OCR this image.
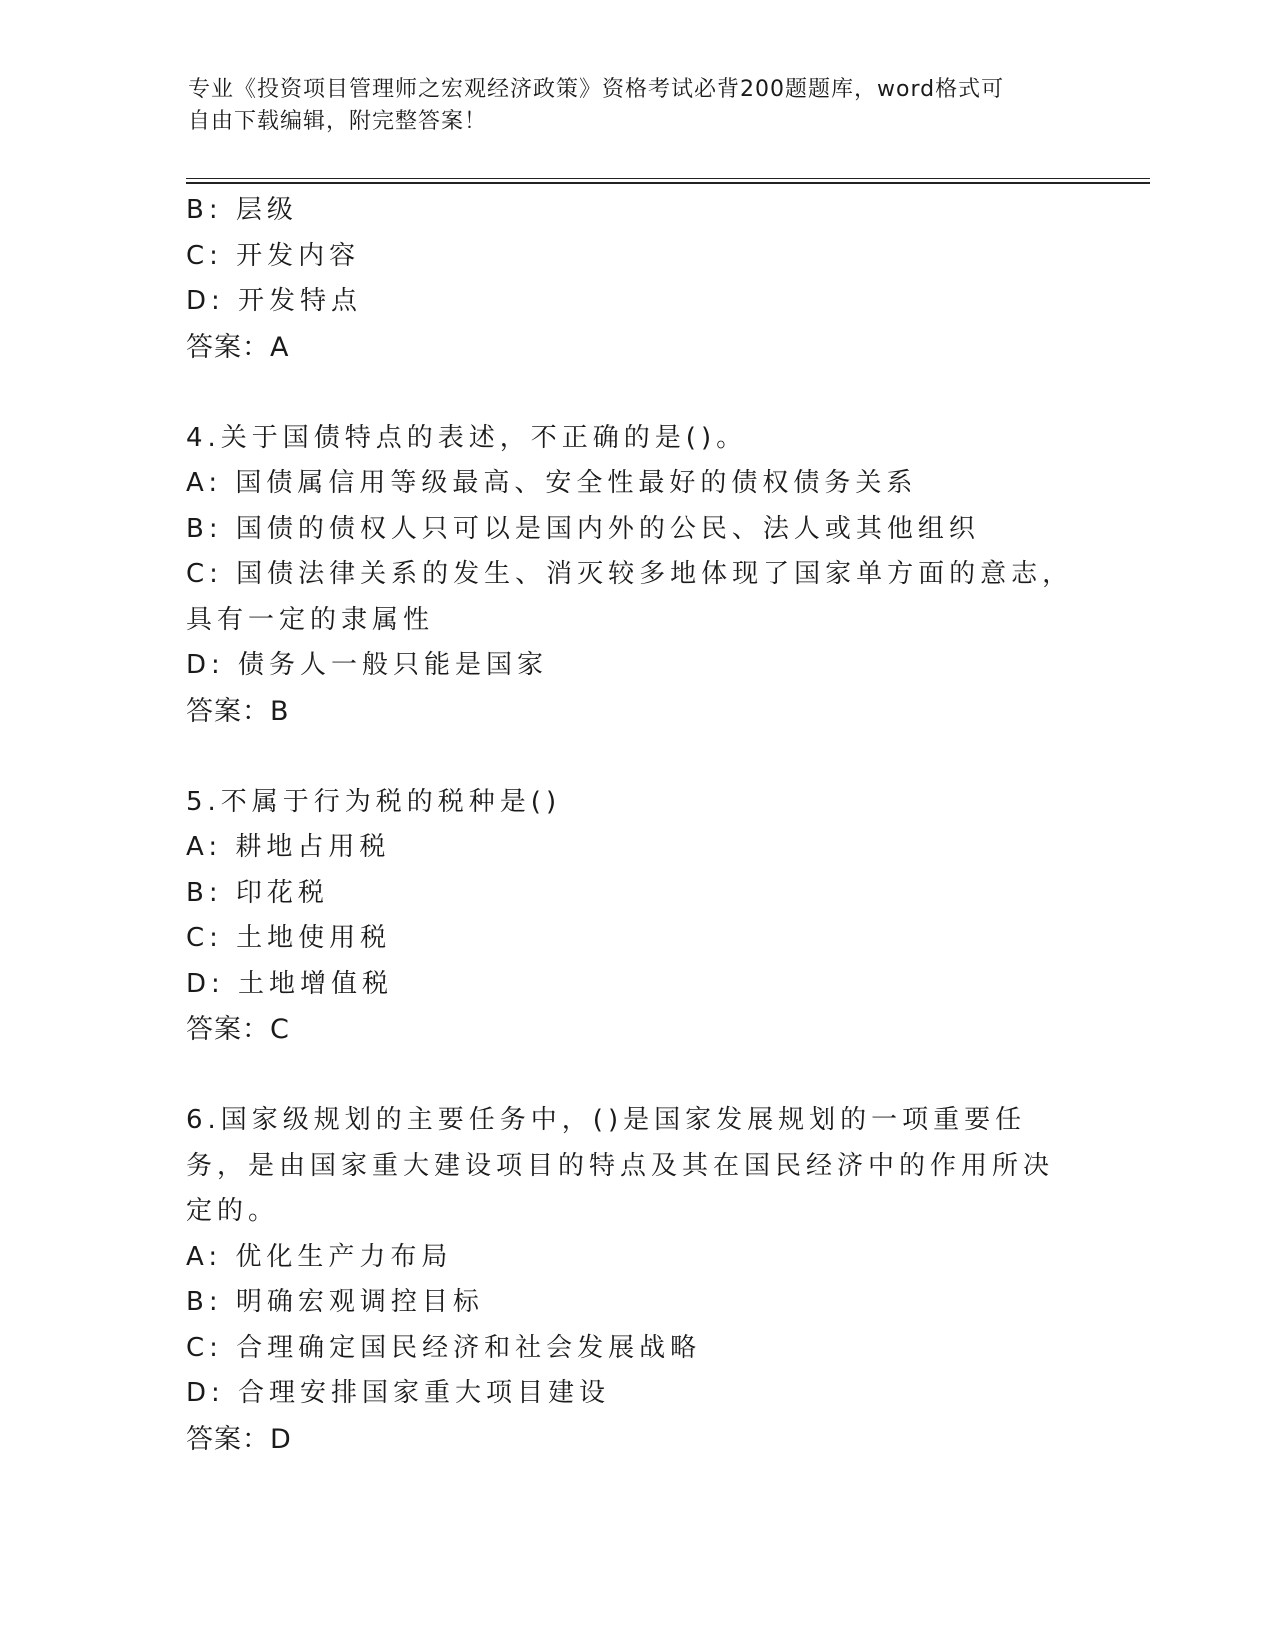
专业《投资项目管理师之宏观经济政策》资格考试必背200题题库，word格式可
自由下载编辑，附完整答案！
B: 层级
C: 开发内容
D: 开发特点
答案：A
4.关于国债特点的表述，不正确的是()。
A: 国债属信用等级最高、安全性最好的债权债务关系
B: 国债的债权人只可以是国内外的公民、法人或其他组织
C: 国债法律关系的发生、消灭较多地体现了国家单方面的意志，具有一定的隶属性
D: 债务人一般只能是国家
答案：B
5.不属于行为税的税种是()
A: 耕地占用税
B: 印花税
C: 土地使用税
D: 土地增值税
答案：C
6.国家级规划的主要任务中，()是国家发展规划的一项重要任务，是由国家重大建设项目的特点及其在国民经济中的作用所决定的。
A: 优化生产力布局
B: 明确宏观调控目标
C: 合理确定国民经济和社会发展战略
D: 合理安排国家重大项目建设
答案：D
